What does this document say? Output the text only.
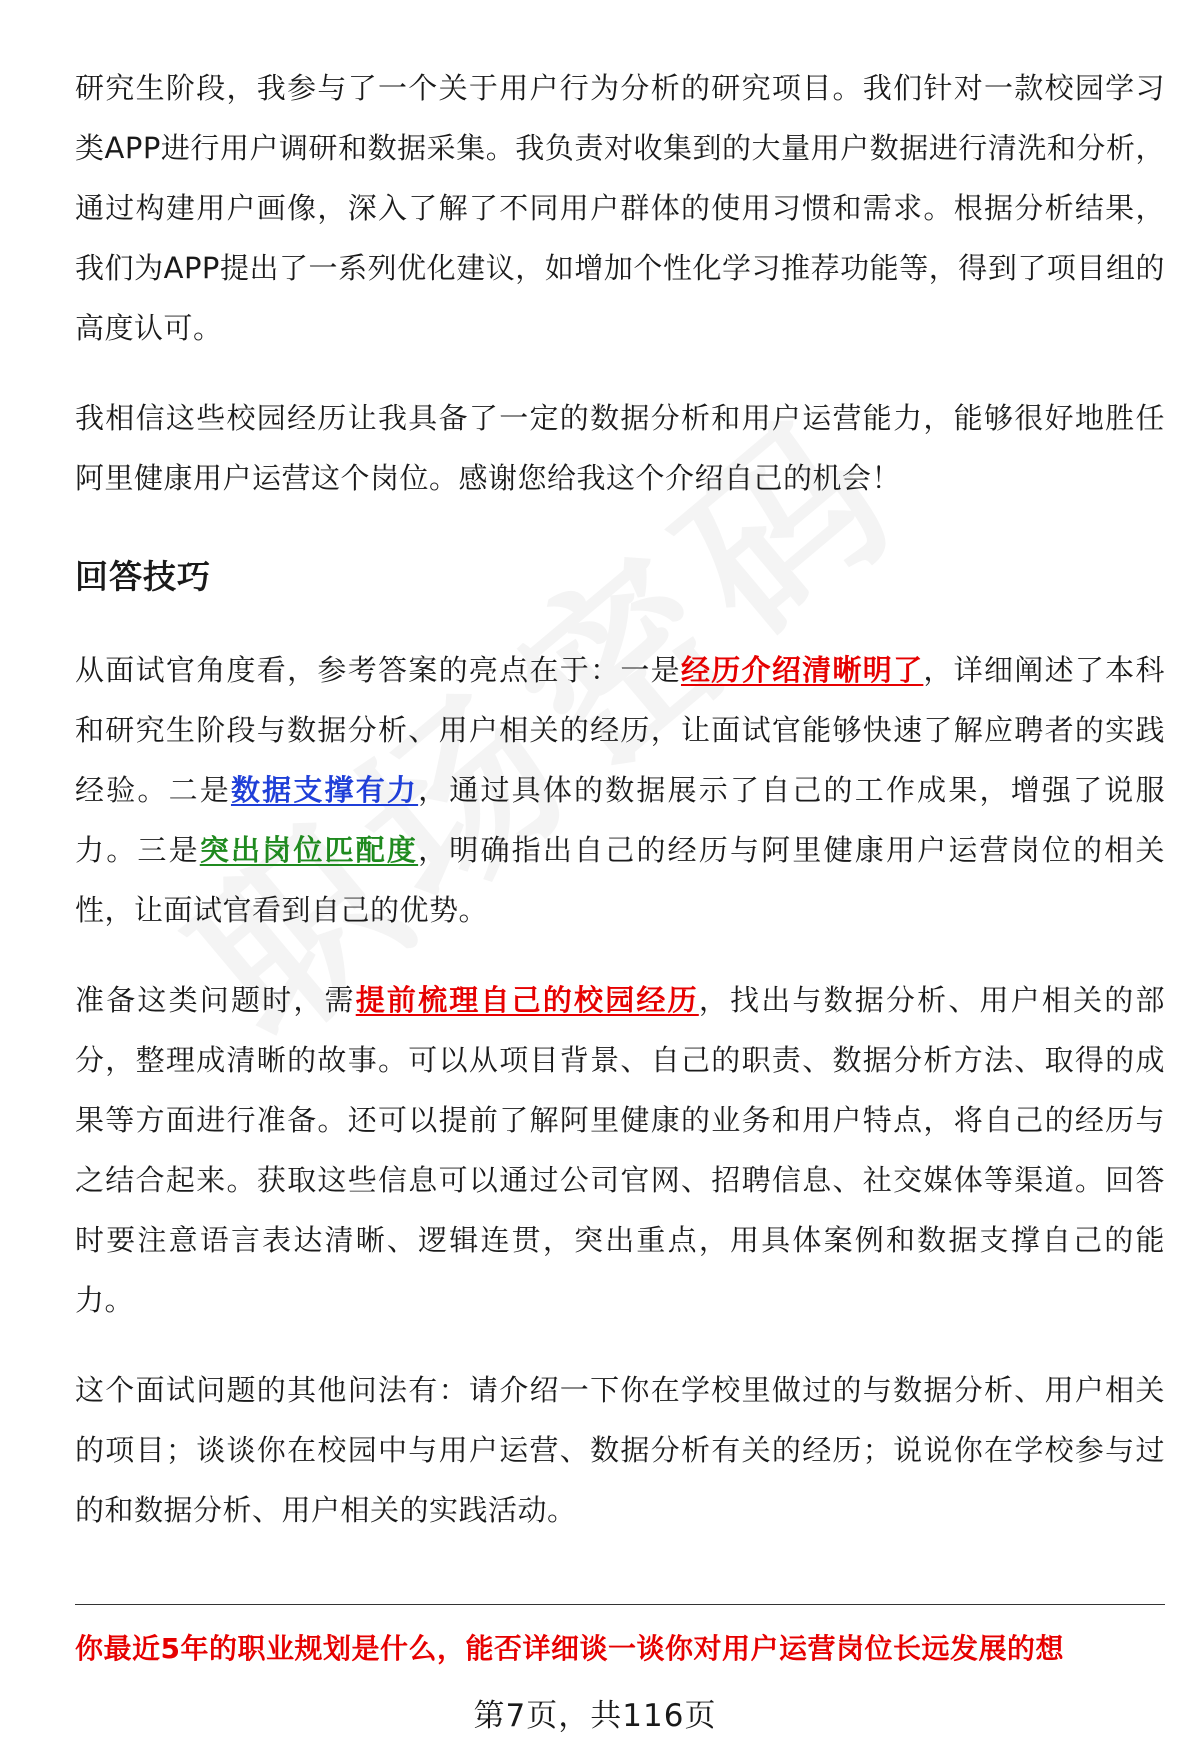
研究生阶段，我参与了一个关于用户行为分析的研究项目。我们针对一款校园学习类APP进行用户调研和数据采集。我负责对收集到的大量用户数据进行清洗和分析，通过构建用户画像，深入了解了不同用户群体的使用习惯和需求。根据分析结果，我们为APP提出了一系列优化建议，如增加个性化学习推荐功能等，得到了项目组的高度认可。

我相信这些校园经历让我具备了一定的数据分析和用户运营能力，能够很好地胜任阿里健康用户运营这个岗位。感谢您给我这个介绍自己的机会！

回答技巧

从面试官角度看，参考答案的亮点在于：一是经历介绍清晰明了，详细阐述了本科和研究生阶段与数据分析、用户相关的经历，让面试官能够快速了解应聘者的实践经验。二是数据支撑有力，通过具体的数据展示了自己的工作成果，增强了说服力。三是突出岗位匹配度，明确指出自己的经历与阿里健康用户运营岗位的相关性，让面试官看到自己的优势。

准备这类问题时，需提前梳理自己的校园经历，找出与数据分析、用户相关的部分，整理成清晰的故事。可以从项目背景、自己的职责、数据分析方法、取得的成果等方面进行准备。还可以提前了解阿里健康的业务和用户特点，将自己的经历与之结合起来。获取这些信息可以通过公司官网、招聘信息、社交媒体等渠道。回答时要注意语言表达清晰、逻辑连贯，突出重点，用具体案例和数据支撑自己的能力。

这个面试问题的其他问法有：请介绍一下你在学校里做过的与数据分析、用户相关的项目；谈谈你在校园中与用户运营、数据分析有关的经历；说说你在学校参与过的和数据分析、用户相关的实践活动。

你最近5年的职业规划是什么，能否详细谈一谈你对用户运营岗位长远发展的想
第7页，共116页
